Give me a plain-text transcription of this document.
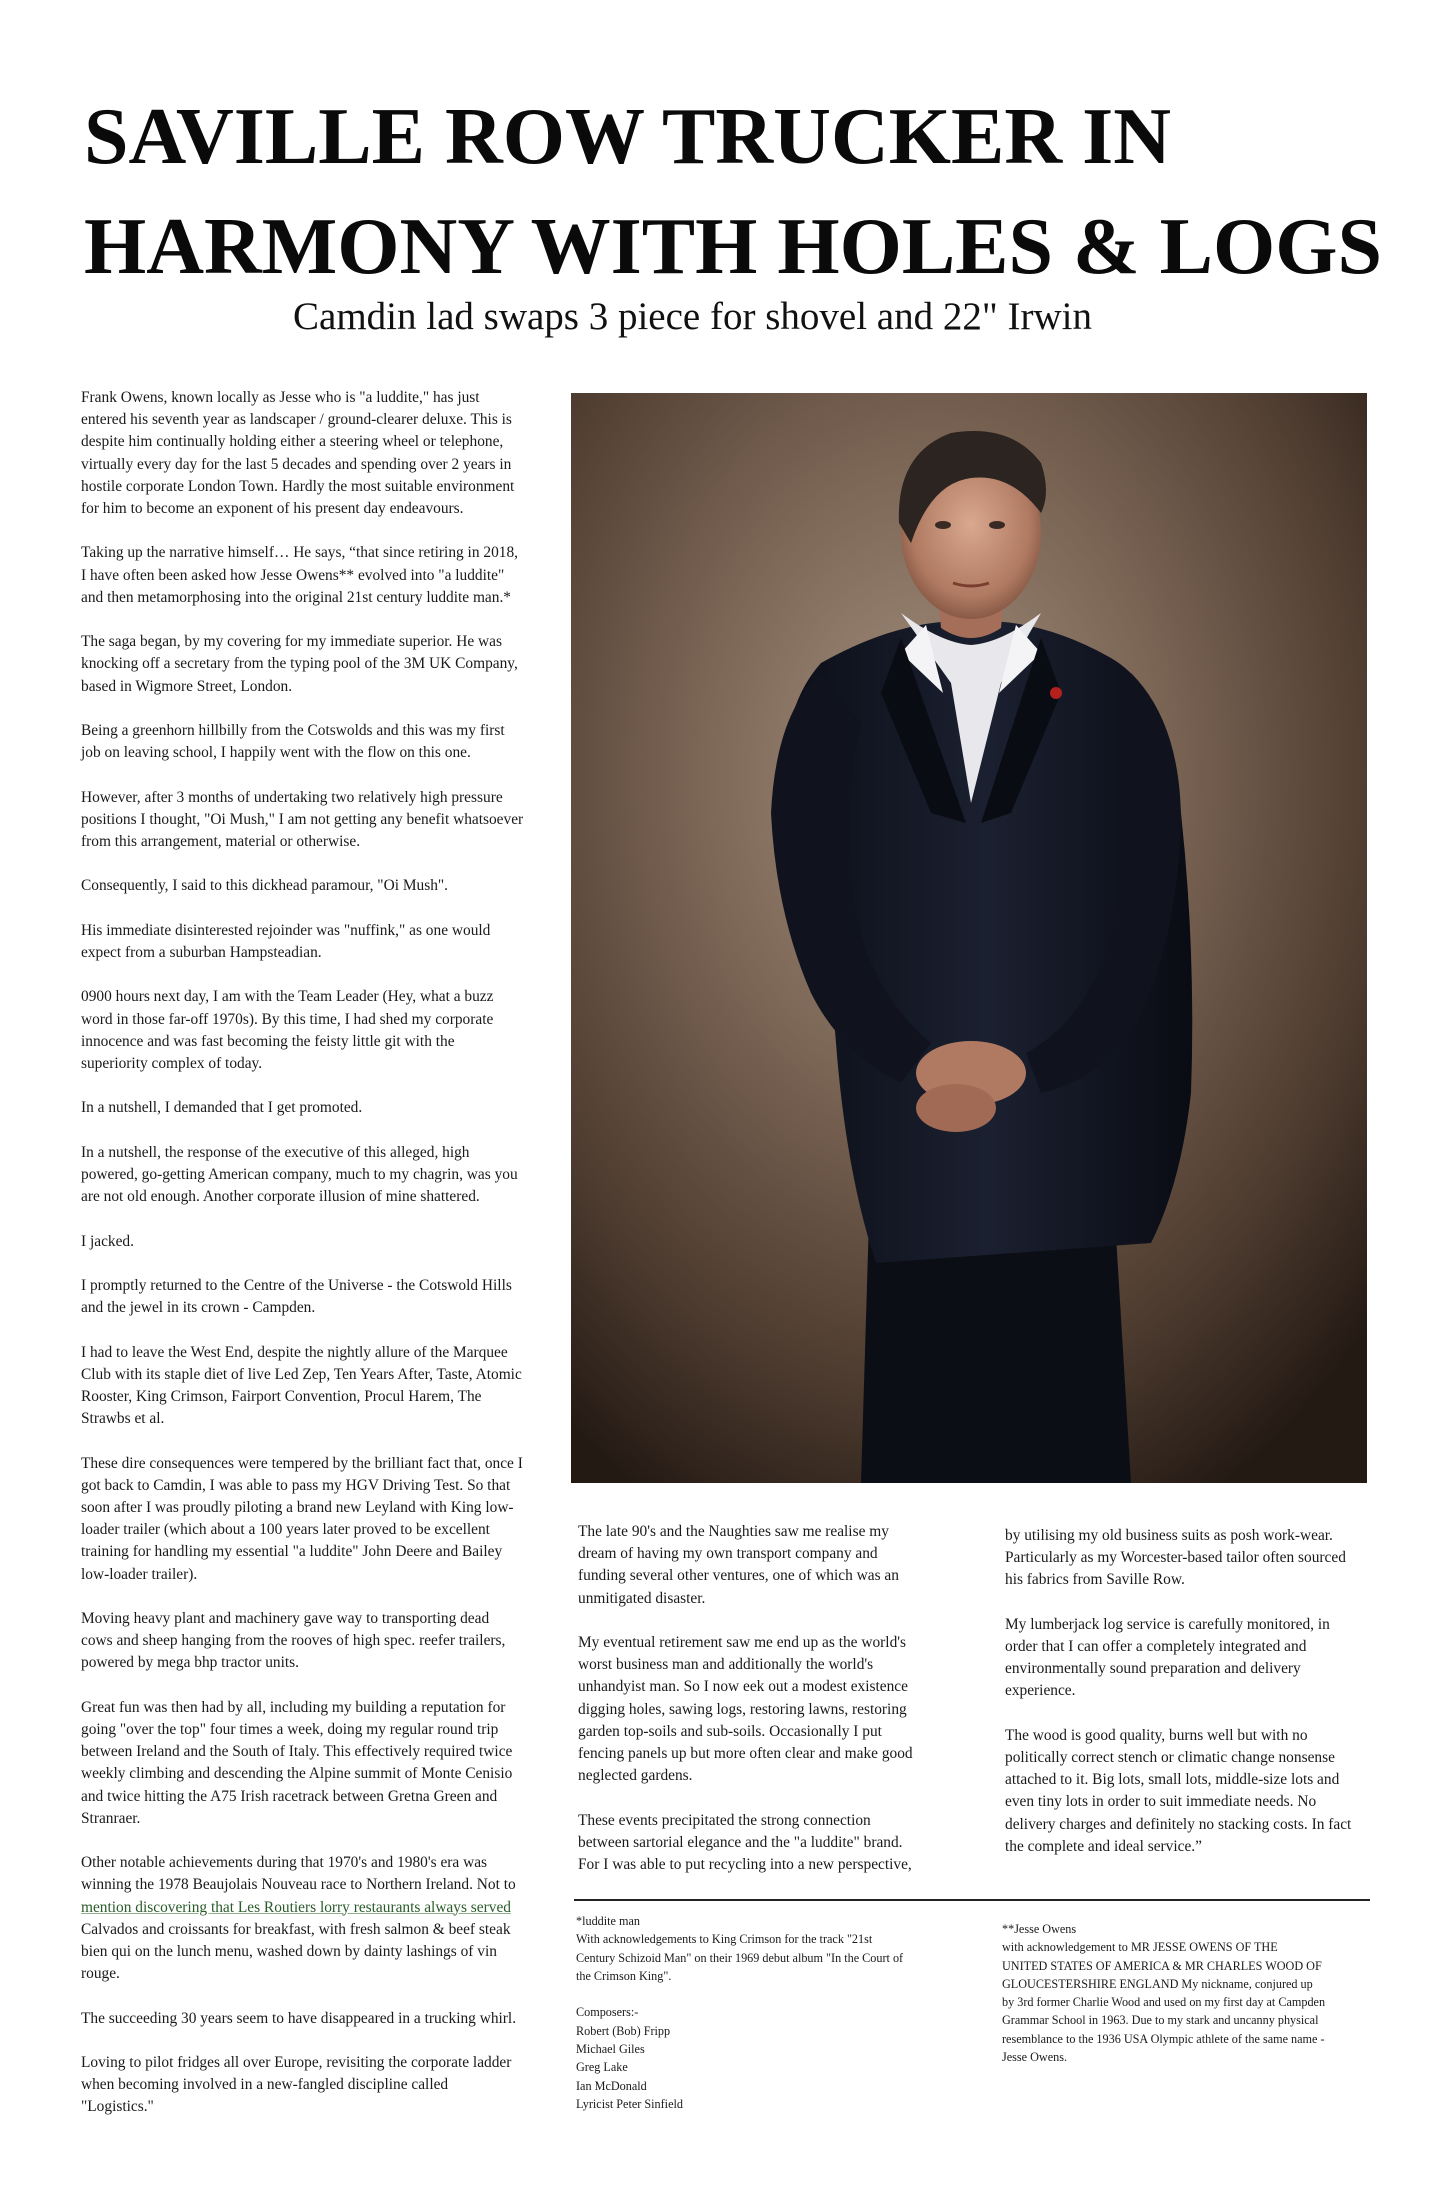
SAVILLE ROW TRUCKER IN
HARMONY WITH HOLES & LOGS
Camdin lad swaps 3 piece for shovel and 22" Irwin

Frank Owens, known locally as Jesse who is "a luddite," has just
entered his seventh year as landscaper / ground-clearer deluxe. This is
despite him continually holding either a steering wheel or telephone,
virtually every day for the last 5 decades and spending over 2 years in
hostile corporate London Town. Hardly the most suitable environment
for him to become an exponent of his present day endeavours.

Taking up the narrative himself… He says, “that since retiring in 2018,
I have often been asked how Jesse Owens** evolved into "a luddite"
and then metamorphosing into the original 21st century luddite man.*

The saga began, by my covering for my immediate superior. He was
knocking off a secretary from the typing pool of the 3M UK Company,
based in Wigmore Street, London.

Being a greenhorn hillbilly from the Cotswolds and this was my first
job on leaving school, I happily went with the flow on this one.

However, after 3 months of undertaking two relatively high pressure
positions I thought, "Oi Mush," I am not getting any benefit whatsoever
from this arrangement, material or otherwise.

Consequently, I said to this dickhead paramour, "Oi Mush".

His immediate disinterested rejoinder was "nuffink," as one would
expect from a suburban Hampsteadian.

0900 hours next day, I am with the Team Leader (Hey, what a buzz
word in those far-off 1970s). By this time, I had shed my corporate
innocence and was fast becoming the feisty little git with the
superiority complex of today.

In a nutshell, I demanded that I get promoted.

In a nutshell, the response of the executive of this alleged, high
powered, go-getting American company, much to my chagrin, was you
are not old enough. Another corporate illusion of mine shattered.

I jacked.

I promptly returned to the Centre of the Universe - the Cotswold Hills
and the jewel in its crown - Campden.

I had to leave the West End, despite the nightly allure of the Marquee
Club with its staple diet of live Led Zep, Ten Years After, Taste, Atomic
Rooster, King Crimson, Fairport Convention, Procul Harem, The
Strawbs et al.

These dire consequences were tempered by the brilliant fact that, once I
got back to Camdin, I was able to pass my HGV Driving Test. So that
soon after I was proudly piloting a brand new Leyland with King low-
loader trailer (which about a 100 years later proved to be excellent
training for handling my essential "a luddite" John Deere and Bailey
low-loader trailer).

Moving heavy plant and machinery gave way to transporting dead
cows and sheep hanging from the rooves of high spec. reefer trailers,
powered by mega bhp tractor units.

Great fun was then had by all, including my building a reputation for
going "over the top" four times a week, doing my regular round trip
between Ireland and the South of Italy. This effectively required twice
weekly climbing and descending the Alpine summit of Monte Cenisio
and twice hitting the A75 Irish racetrack between Gretna Green and
Stranraer.

Other notable achievements during that 1970's and 1980's era was
winning the 1978 Beaujolais Nouveau race to Northern Ireland. Not to
mention discovering that Les Routiers lorry restaurants always served
Calvados and croissants for breakfast, with fresh salmon & beef steak
bien qui on the lunch menu, washed down by dainty lashings of vin
rouge.

The succeeding 30 years seem to have disappeared in a trucking whirl.

Loving to pilot fridges all over Europe, revisiting the corporate ladder
when becoming involved in a new-fangled discipline called
"Logistics."

The late 90's and the Naughties saw me realise my
dream of having my own transport company and
funding several other ventures, one of which was an
unmitigated disaster.

My eventual retirement saw me end up as the world's
worst business man and additionally the world's
unhandyist man. So I now eek out a modest existence
digging holes, sawing logs, restoring lawns, restoring
garden top-soils and sub-soils. Occasionally I put
fencing panels up but more often clear and make good
neglected gardens.

These events precipitated the strong connection
between sartorial elegance and the "a luddite" brand.
For I was able to put recycling into a new perspective,

by utilising my old business suits as posh work-wear.
Particularly as my Worcester-based tailor often sourced
his fabrics from Saville Row.

My lumberjack log service is carefully monitored, in
order that I can offer a completely integrated and
environmentally sound preparation and delivery
experience.

The wood is good quality, burns well but with no
politically correct stench or climatic change nonsense
attached to it. Big lots, small lots, middle-size lots and
even tiny lots in order to suit immediate needs. No
delivery charges and definitely no stacking costs. In fact
the complete and ideal service.”

*luddite man
With acknowledgements to King Crimson for the track "21st
Century Schizoid Man" on their 1969 debut album "In the Court of
the Crimson King".

Composers:-
Robert (Bob) Fripp
Michael Giles
Greg Lake
Ian McDonald
Lyricist Peter Sinfield

**Jesse Owens
with acknowledgement to MR JESSE OWENS OF THE
UNITED STATES OF AMERICA & MR CHARLES WOOD OF
GLOUCESTERSHIRE ENGLAND My nickname, conjured up
by 3rd former Charlie Wood and used on my first day at Campden
Grammar School in 1963. Due to my stark and uncanny physical
resemblance to the 1936 USA Olympic athlete of the same name -
Jesse Owens.
